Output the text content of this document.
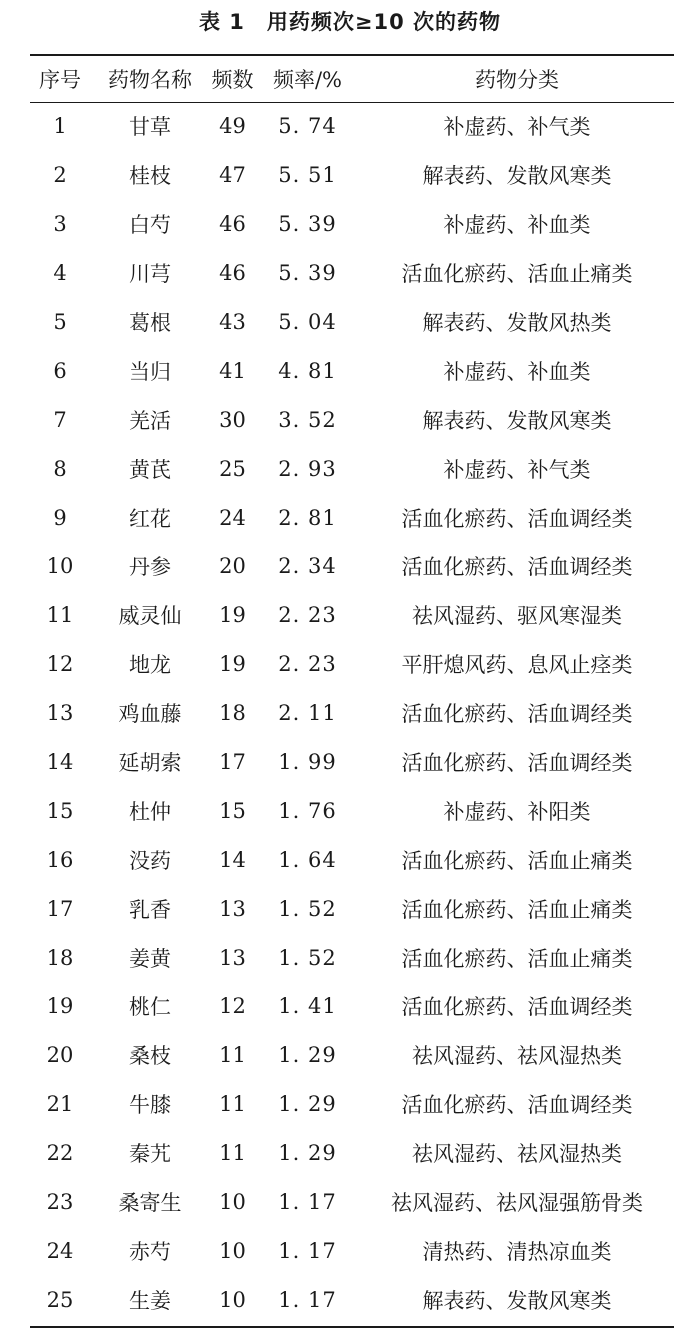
表 1 用药频次≥10 次的药物
序号	药物名称	频数	频率/%	药物分类
1	甘草	49	5. 74	补虚药、补气类
2	桂枝	47	5. 51	解表药、发散风寒类
3	白芍	46	5. 39	补虚药、补血类
4	川芎	46	5. 39	活血化瘀药、活血止痛类
5	葛根	43	5. 04	解表药、发散风热类
6	当归	41	4. 81	补虚药、补血类
7	羌活	30	3. 52	解表药、发散风寒类
8	黄芪	25	2. 93	补虚药、补气类
9	红花	24	2. 81	活血化瘀药、活血调经类
10	丹参	20	2. 34	活血化瘀药、活血调经类
11	威灵仙	19	2. 23	祛风湿药、驱风寒湿类
12	地龙	19	2. 23	平肝熄风药、息风止痉类
13	鸡血藤	18	2. 11	活血化瘀药、活血调经类
14	延胡索	17	1. 99	活血化瘀药、活血调经类
15	杜仲	15	1. 76	补虚药、补阳类
16	没药	14	1. 64	活血化瘀药、活血止痛类
17	乳香	13	1. 52	活血化瘀药、活血止痛类
18	姜黄	13	1. 52	活血化瘀药、活血止痛类
19	桃仁	12	1. 41	活血化瘀药、活血调经类
20	桑枝	11	1. 29	祛风湿药、祛风湿热类
21	牛膝	11	1. 29	活血化瘀药、活血调经类
22	秦艽	11	1. 29	祛风湿药、祛风湿热类
23	桑寄生	10	1. 17	祛风湿药、祛风湿强筋骨类
24	赤芍	10	1. 17	清热药、清热凉血类
25	生姜	10	1. 17	解表药、发散风寒类
